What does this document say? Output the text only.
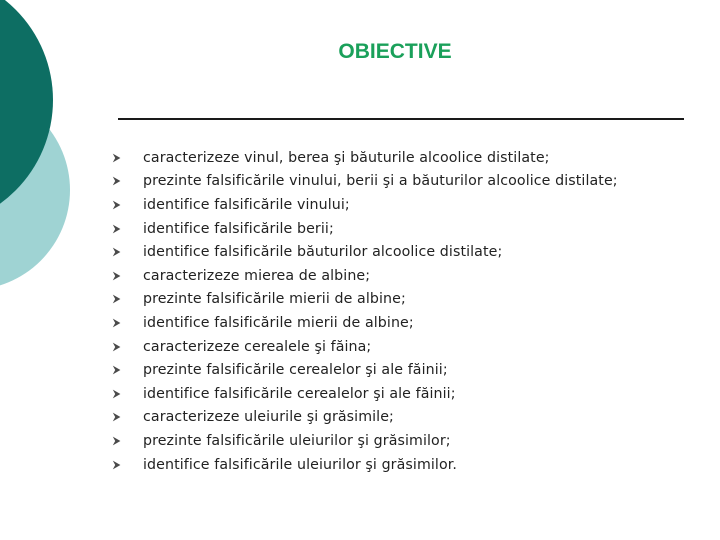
OBIECTIVE
caracterizeze vinul, berea şi băuturile alcoolice distilate;
prezinte falsificările vinului, berii şi a băuturilor alcoolice distilate;
identifice falsificările vinului;
identifice falsificările berii;
identifice falsificările băuturilor alcoolice distilate;
caracterizeze mierea de albine;
prezinte falsificările mierii de albine;
identifice falsificările mierii de albine;
caracterizeze cerealele şi făina;
prezinte falsificările cerealelor şi ale făinii;
identifice falsificările cerealelor şi ale făinii;
caracterizeze uleiurile şi grăsimile;
prezinte falsificările uleiurilor şi grăsimilor;
identifice falsificările uleiurilor şi grăsimilor.
